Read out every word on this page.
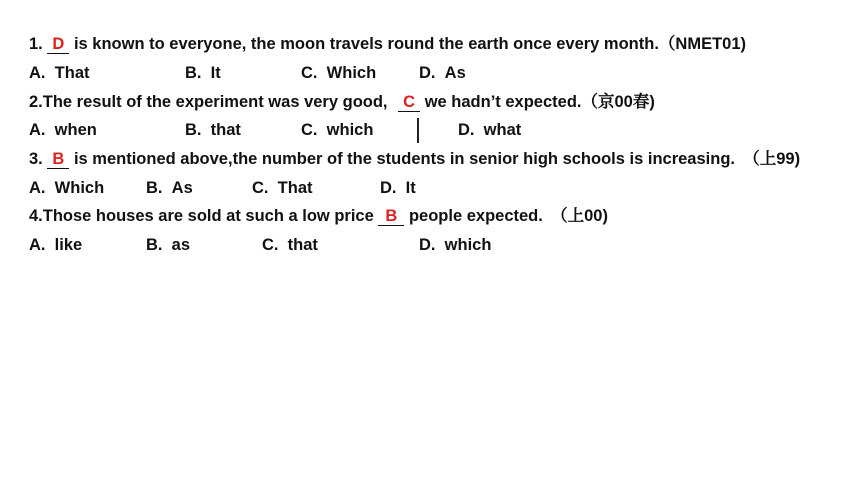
1. D is known to everyone, the moon travels round the earth once every month.（NMET01)
A. That	B. It	C. Which	D. As
2.The result of the experiment was very good, C we hadn’t expected.（京00春)
A. when	B. that	C. which	D. what
3. B is mentioned above,the number of the students in senior high schools is increasing.　（上99)
A. Which	B. As	C. That	D. It
4.Those houses are sold at such a low price B people expected.　（上00)
A. like	B. as	C. that	D. which
